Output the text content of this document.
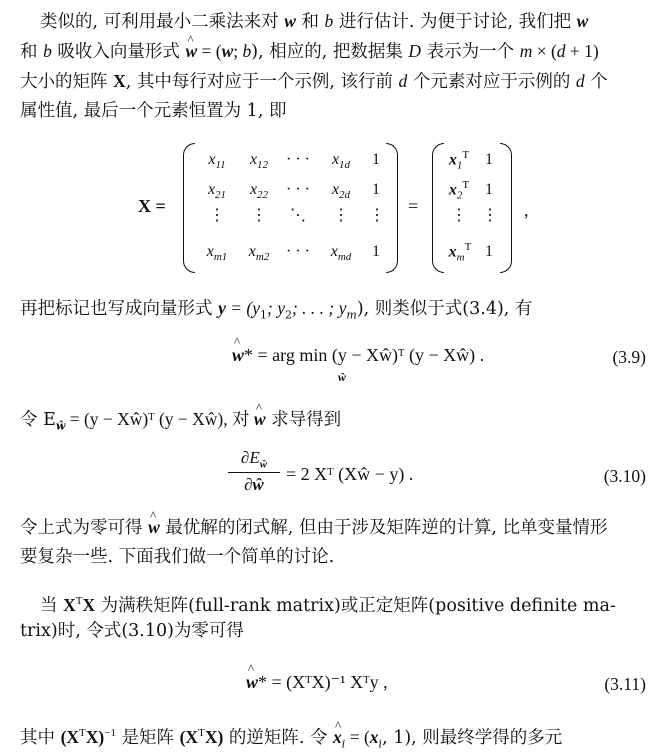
类似的, 可利用最小二乘法来对 w 和 b 进行估计. 为便于讨论, 我们把 w
和 b 吸收入向量形式 ^ w = (w; b), 相应的, 把数据集 D 表示为一个 m × (d + 1)
大小的矩阵 X, 其中每行对应于一个示例, 该行前 d 个元素对应于示例的 d 个
属性值, 最后一个元素恒置为 1, 即
X =
$x_{11}$	$x_{12}$	· · ·	$x_{1d}$	1
$x_{21}$	$x_{22}$	· · ·	$x_{2d}$	1
⋮	⋮	⋱	⋮	⋮
$x_{m1}$	$x_{m2}$	· · ·	$x_{md}$	1
=
$x_1^T$ 1
$x_2^T$ 1
⋮ ⋮
$x_m^T$ 1
,
再把标记也写成向量形式 $y = (y_1$; $y_2$; . . . ; $y_m$), 则类似于式(3.4), 有
^ w* = arg min (y − Xŵ)ᵀ (y − Xŵ) .
ŵ
(3.9)
令 $E_ŵ = (y$ − Xŵ)ᵀ (y − Xŵ), 对 ^ w 求导得到
$\frac{\partial E_ŵ}{\partial ŵ} = 2$ Xᵀ (Xŵ − y) .	(3.10)
令上式为零可得 ^ w 最优解的闭式解, 但由于涉及矩阵逆的计算, 比单变量情形
要复杂一些. 下面我们做一个简单的讨论.
当 $X^TX$ 为满秩矩阵(full-rank matrix)或正定矩阵(positive definite ma-
trix)时, 令式(3.10)为零可得
^ w* = (XᵀX)⁻¹ Xᵀy ,	(3.11)
其中 $(X^TX)^{-1}$ 是矩阵 $(X^TX)$ 的逆矩阵. 令 ^ $x_i = (x_i$, 1), 则最终学得的多元
